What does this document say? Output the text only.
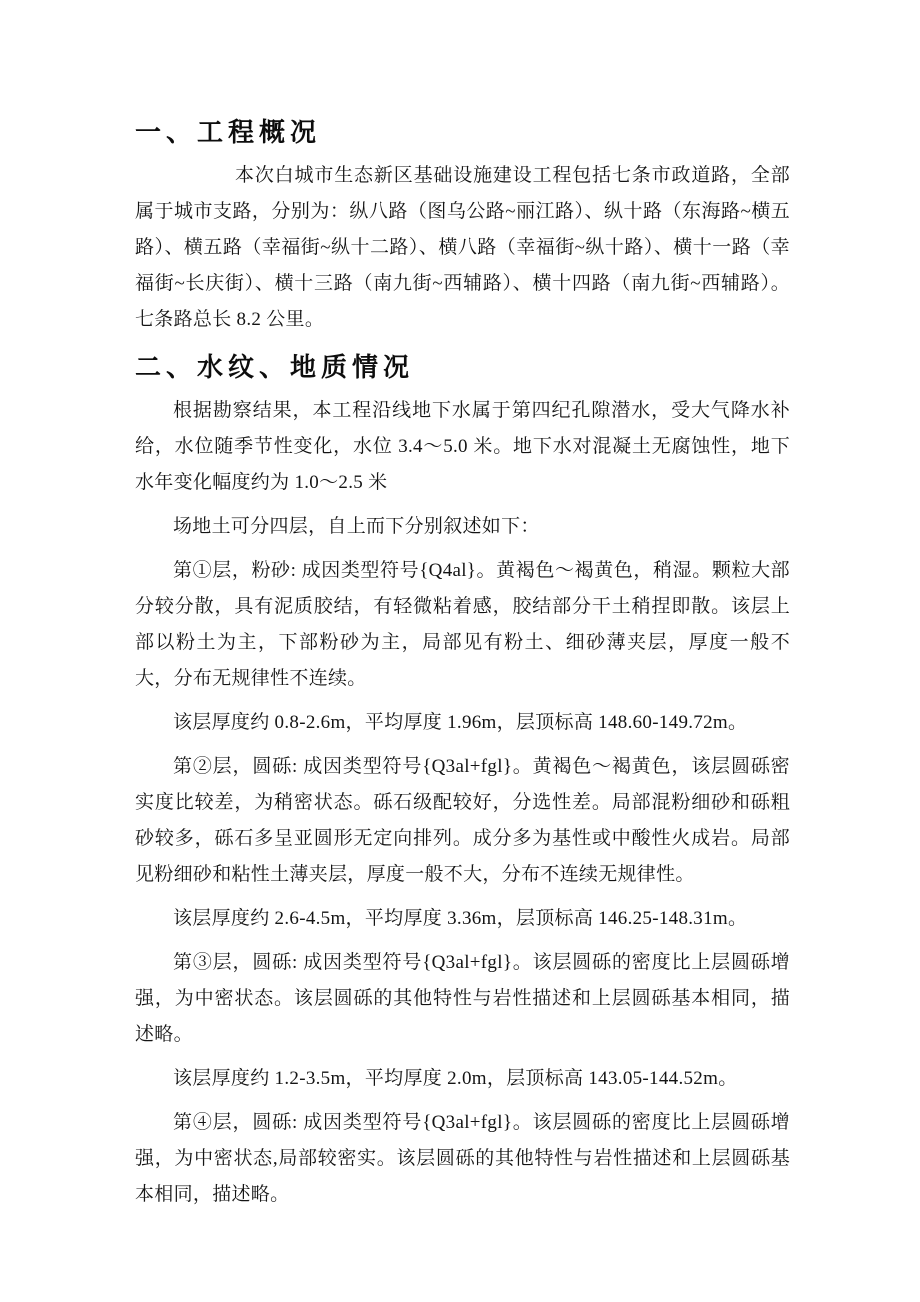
一、工程概况

本次白城市生态新区基础设施建设工程包括七条市政道路，全部属于城市支路，分别为：纵八路（图乌公路~丽江路）、纵十路（东海路~横五路）、横五路（幸福街~纵十二路）、横八路（幸福街~纵十路）、横十一路（幸福街~长庆街）、横十三路（南九街~西辅路）、横十四路（南九街~西辅路）。七条路总长 8.2 公里。

二、水纹、地质情况

根据勘察结果，本工程沿线地下水属于第四纪孔隙潜水，受大气降水补给，水位随季节性变化，水位 3.4～5.0 米。地下水对混凝土无腐蚀性，地下水年变化幅度约为 1.0～2.5 米

场地土可分四层，自上而下分别叙述如下：

第①层，粉砂: 成因类型符号{Q4al}。黄褐色～褐黄色，稍湿。颗粒大部分较分散，具有泥质胶结，有轻微粘着感，胶结部分干土稍捏即散。该层上部以粉土为主，下部粉砂为主，局部见有粉土、细砂薄夹层，厚度一般不大，分布无规律性不连续。

该层厚度约 0.8-2.6m，平均厚度 1.96m，层顶标高 148.60-149.72m。

第②层，圆砾: 成因类型符号{Q3al+fgl}。黄褐色～褐黄色，该层圆砾密实度比较差，为稍密状态。砾石级配较好，分选性差。局部混粉细砂和砾粗砂较多，砾石多呈亚圆形无定向排列。成分多为基性或中酸性火成岩。局部见粉细砂和粘性土薄夹层，厚度一般不大，分布不连续无规律性。

该层厚度约 2.6-4.5m，平均厚度 3.36m，层顶标高 146.25-148.31m。

第③层，圆砾: 成因类型符号{Q3al+fgl}。该层圆砾的密度比上层圆砾增强，为中密状态。该层圆砾的其他特性与岩性描述和上层圆砾基本相同，描述略。

该层厚度约 1.2-3.5m，平均厚度 2.0m，层顶标高 143.05-144.52m。

第④层，圆砾: 成因类型符号{Q3al+fgl}。该层圆砾的密度比上层圆砾增强，为中密状态,局部较密实。该层圆砾的其他特性与岩性描述和上层圆砾基本相同，描述略。
